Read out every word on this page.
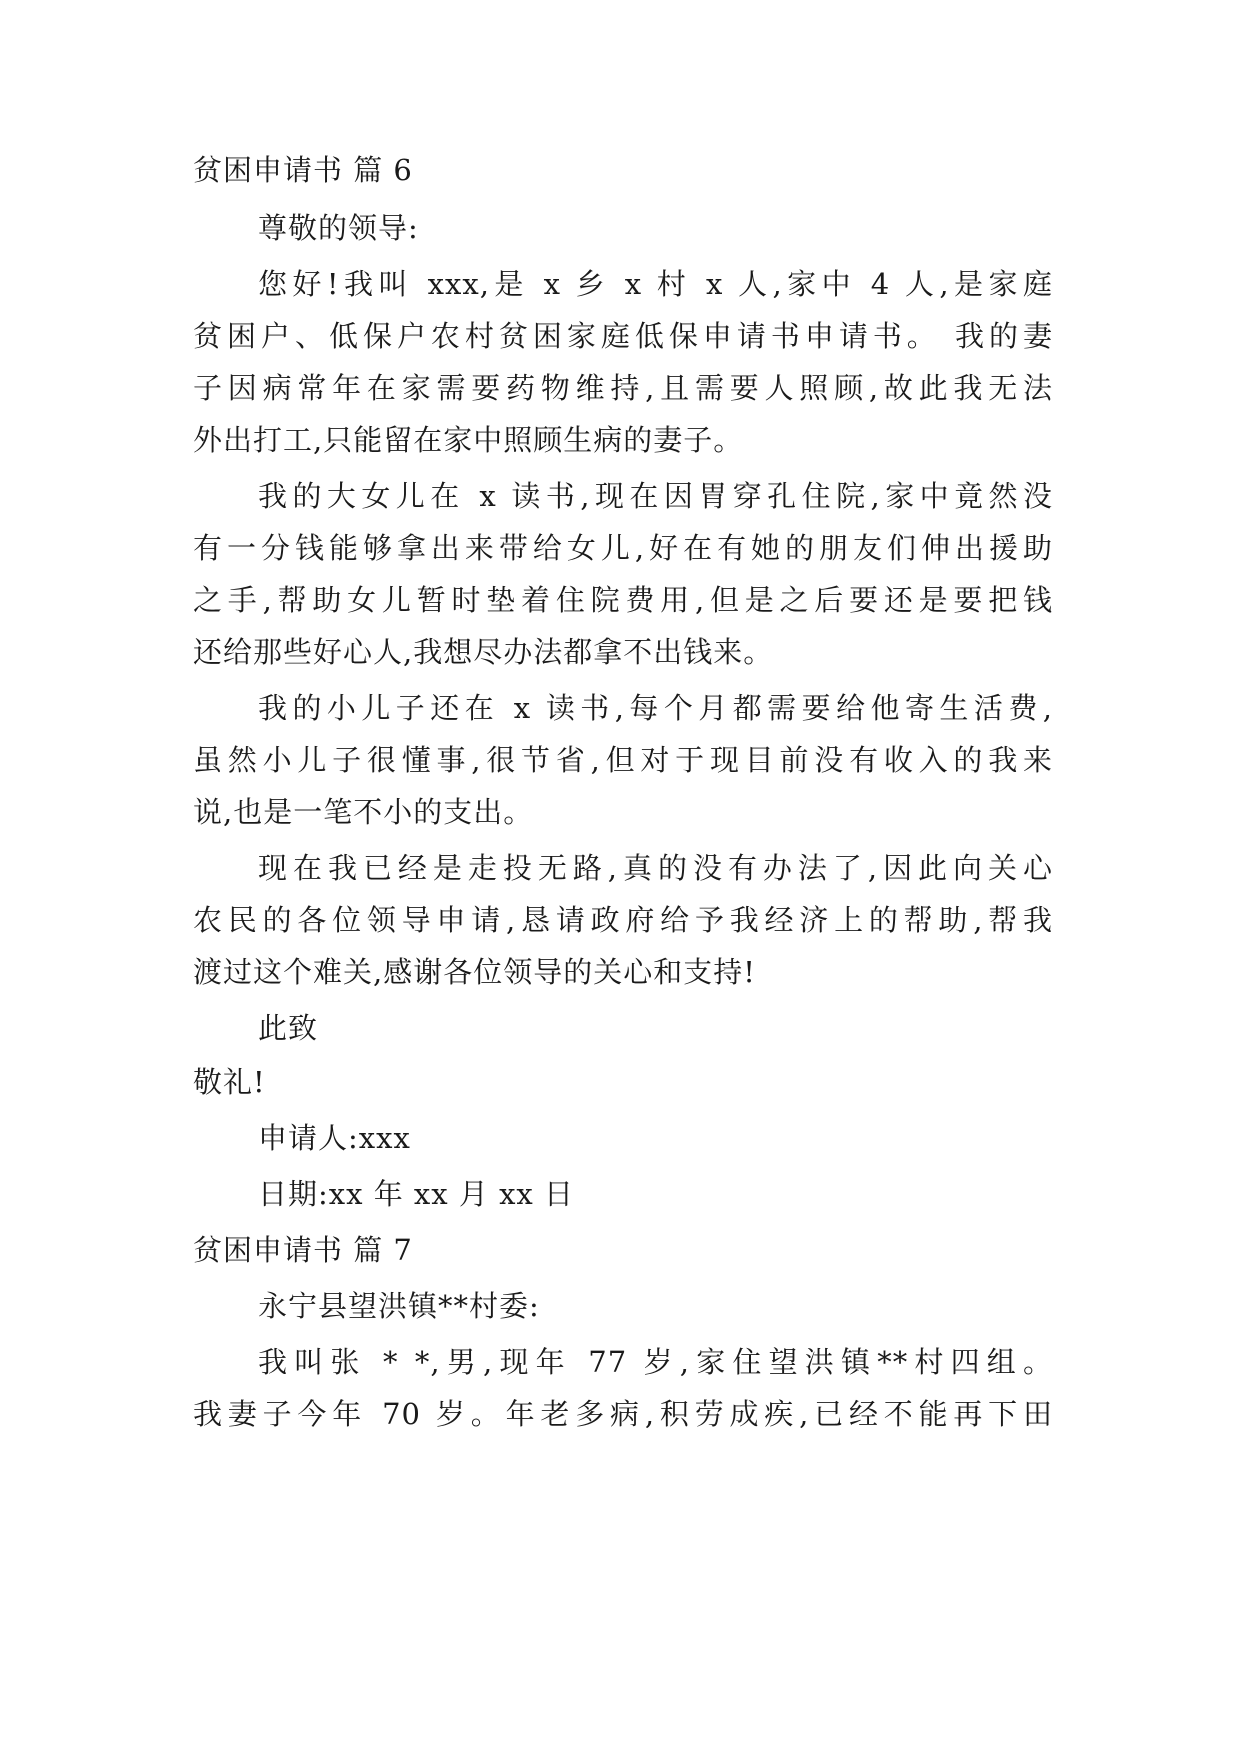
贫困申请书 篇 6
尊敬的领导:
您好!我叫 xxx,是 x 乡 x 村 x 人,家中 4 人,是家庭
贫困户、低保户农村贫困家庭低保申请书申请书。 我的妻
子因病常年在家需要药物维持,且需要人照顾,故此我无法
外出打工,只能留在家中照顾生病的妻子。
我的大女儿在 x 读书,现在因胃穿孔住院,家中竟然没
有一分钱能够拿出来带给女儿,好在有她的朋友们伸出援助
之手,帮助女儿暂时垫着住院费用,但是之后要还是要把钱
还给那些好心人,我想尽办法都拿不出钱来。
我的小儿子还在 x 读书,每个月都需要给他寄生活费,
虽然小儿子很懂事,很节省,但对于现目前没有收入的我来
说,也是一笔不小的支出。
现在我已经是走投无路,真的没有办法了,因此向关心
农民的各位领导申请,恳请政府给予我经济上的帮助,帮我
渡过这个难关,感谢各位领导的关心和支持!
此致
敬礼!
申请人:xxx
日期:xx 年 xx 月 xx 日
贫困申请书 篇 7
永宁县望洪镇**村委:
我叫张 * *,男,现年 77 岁,家住望洪镇**村四组。
我妻子今年 70 岁。年老多病,积劳成疾,已经不能再下田
